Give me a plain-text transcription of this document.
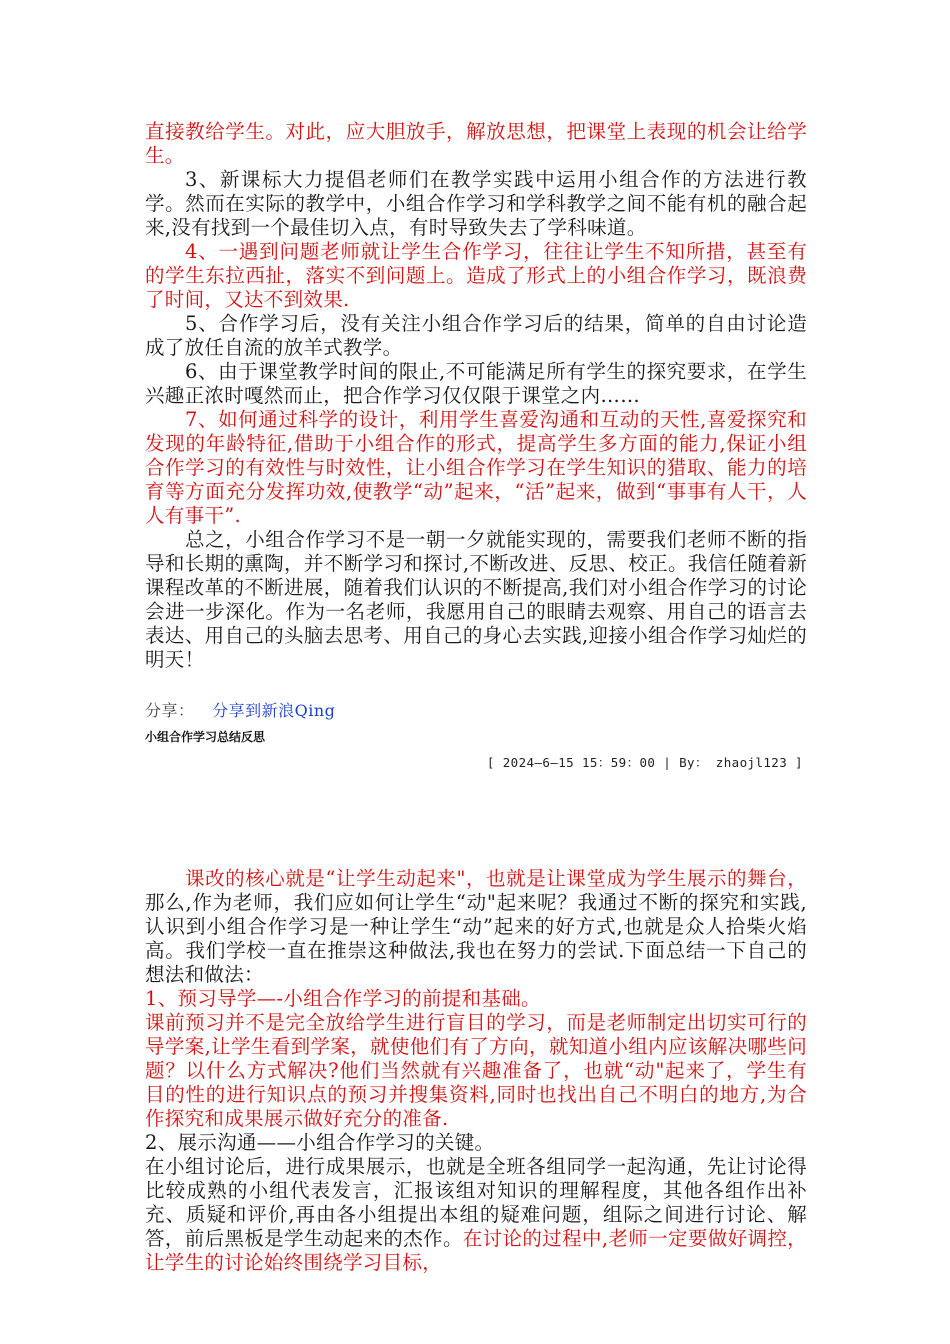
直接教给学生。对此，应大胆放手，解放思想，把课堂上表现的机会让给学生。

3、新课标大力提倡老师们在教学实践中运用小组合作的方法进行教学。然而在实际的教学中，小组合作学习和学科教学之间不能有机的融合起来,没有找到一个最佳切入点，有时导致失去了学科味道。

4、一遇到问题老师就让学生合作学习，往往让学生不知所措，甚至有的学生东拉西扯，落实不到问题上。造成了形式上的小组合作学习，既浪费了时间，又达不到效果.

5、合作学习后，没有关注小组合作学习后的结果，简单的自由讨论造成了放任自流的放羊式教学。

6、由于课堂教学时间的限止,不可能满足所有学生的探究要求，在学生兴趣正浓时嘎然而止，把合作学习仅仅限于课堂之内……

7、如何通过科学的设计，利用学生喜爱沟通和互动的天性,喜爱探究和发现的年龄特征,借助于小组合作的形式，提高学生多方面的能力,保证小组合作学习的有效性与时效性，让小组合作学习在学生知识的猎取、能力的培育等方面充分发挥功效,使教学“动”起来，“活”起来，做到“事事有人干，人人有事干”.

总之，小组合作学习不是一朝一夕就能实现的，需要我们老师不断的指导和长期的熏陶，并不断学习和探讨,不断改进、反思、校正。我信任随着新课程改革的不断进展，随着我们认识的不断提高,我们对小组合作学习的讨论会进一步深化。作为一名老师，我愿用自己的眼睛去观察、用自己的语言去表达、用自己的头脑去思考、用自己的身心去实践,迎接小组合作学习灿烂的明天！

分享： 分享到新浪Qing
小组合作学习总结反思
[ 2024—6—15 15：59：00 | By： zhaojl123 ]

课改的核心就是“让学生动起来"，也就是让课堂成为学生展示的舞台，那么,作为老师，我们应如何让学生“动"起来呢？我通过不断的探究和实践,认识到小组合作学习是一种让学生“动”起来的好方式,也就是众人拾柴火焰高。我们学校一直在推崇这种做法,我也在努力的尝试.下面总结一下自己的想法和做法：

1、预习导学—-小组合作学习的前提和基础。

课前预习并不是完全放给学生进行盲目的学习，而是老师制定出切实可行的导学案,让学生看到学案，就使他们有了方向，就知道小组内应该解决哪些问题？以什么方式解决?他们当然就有兴趣准备了，也就“动"起来了，学生有目的性的进行知识点的预习并搜集资料,同时也找出自己不明白的地方,为合作探究和成果展示做好充分的准备.

2、展示沟通——小组合作学习的关键。

在小组讨论后，进行成果展示，也就是全班各组同学一起沟通，先让讨论得比较成熟的小组代表发言，汇报该组对知识的理解程度，其他各组作出补充、质疑和评价,再由各小组提出本组的疑难问题，组际之间进行讨论、解答，前后黑板是学生动起来的杰作。在讨论的过程中,老师一定要做好调控，让学生的讨论始终围绕学习目标，
